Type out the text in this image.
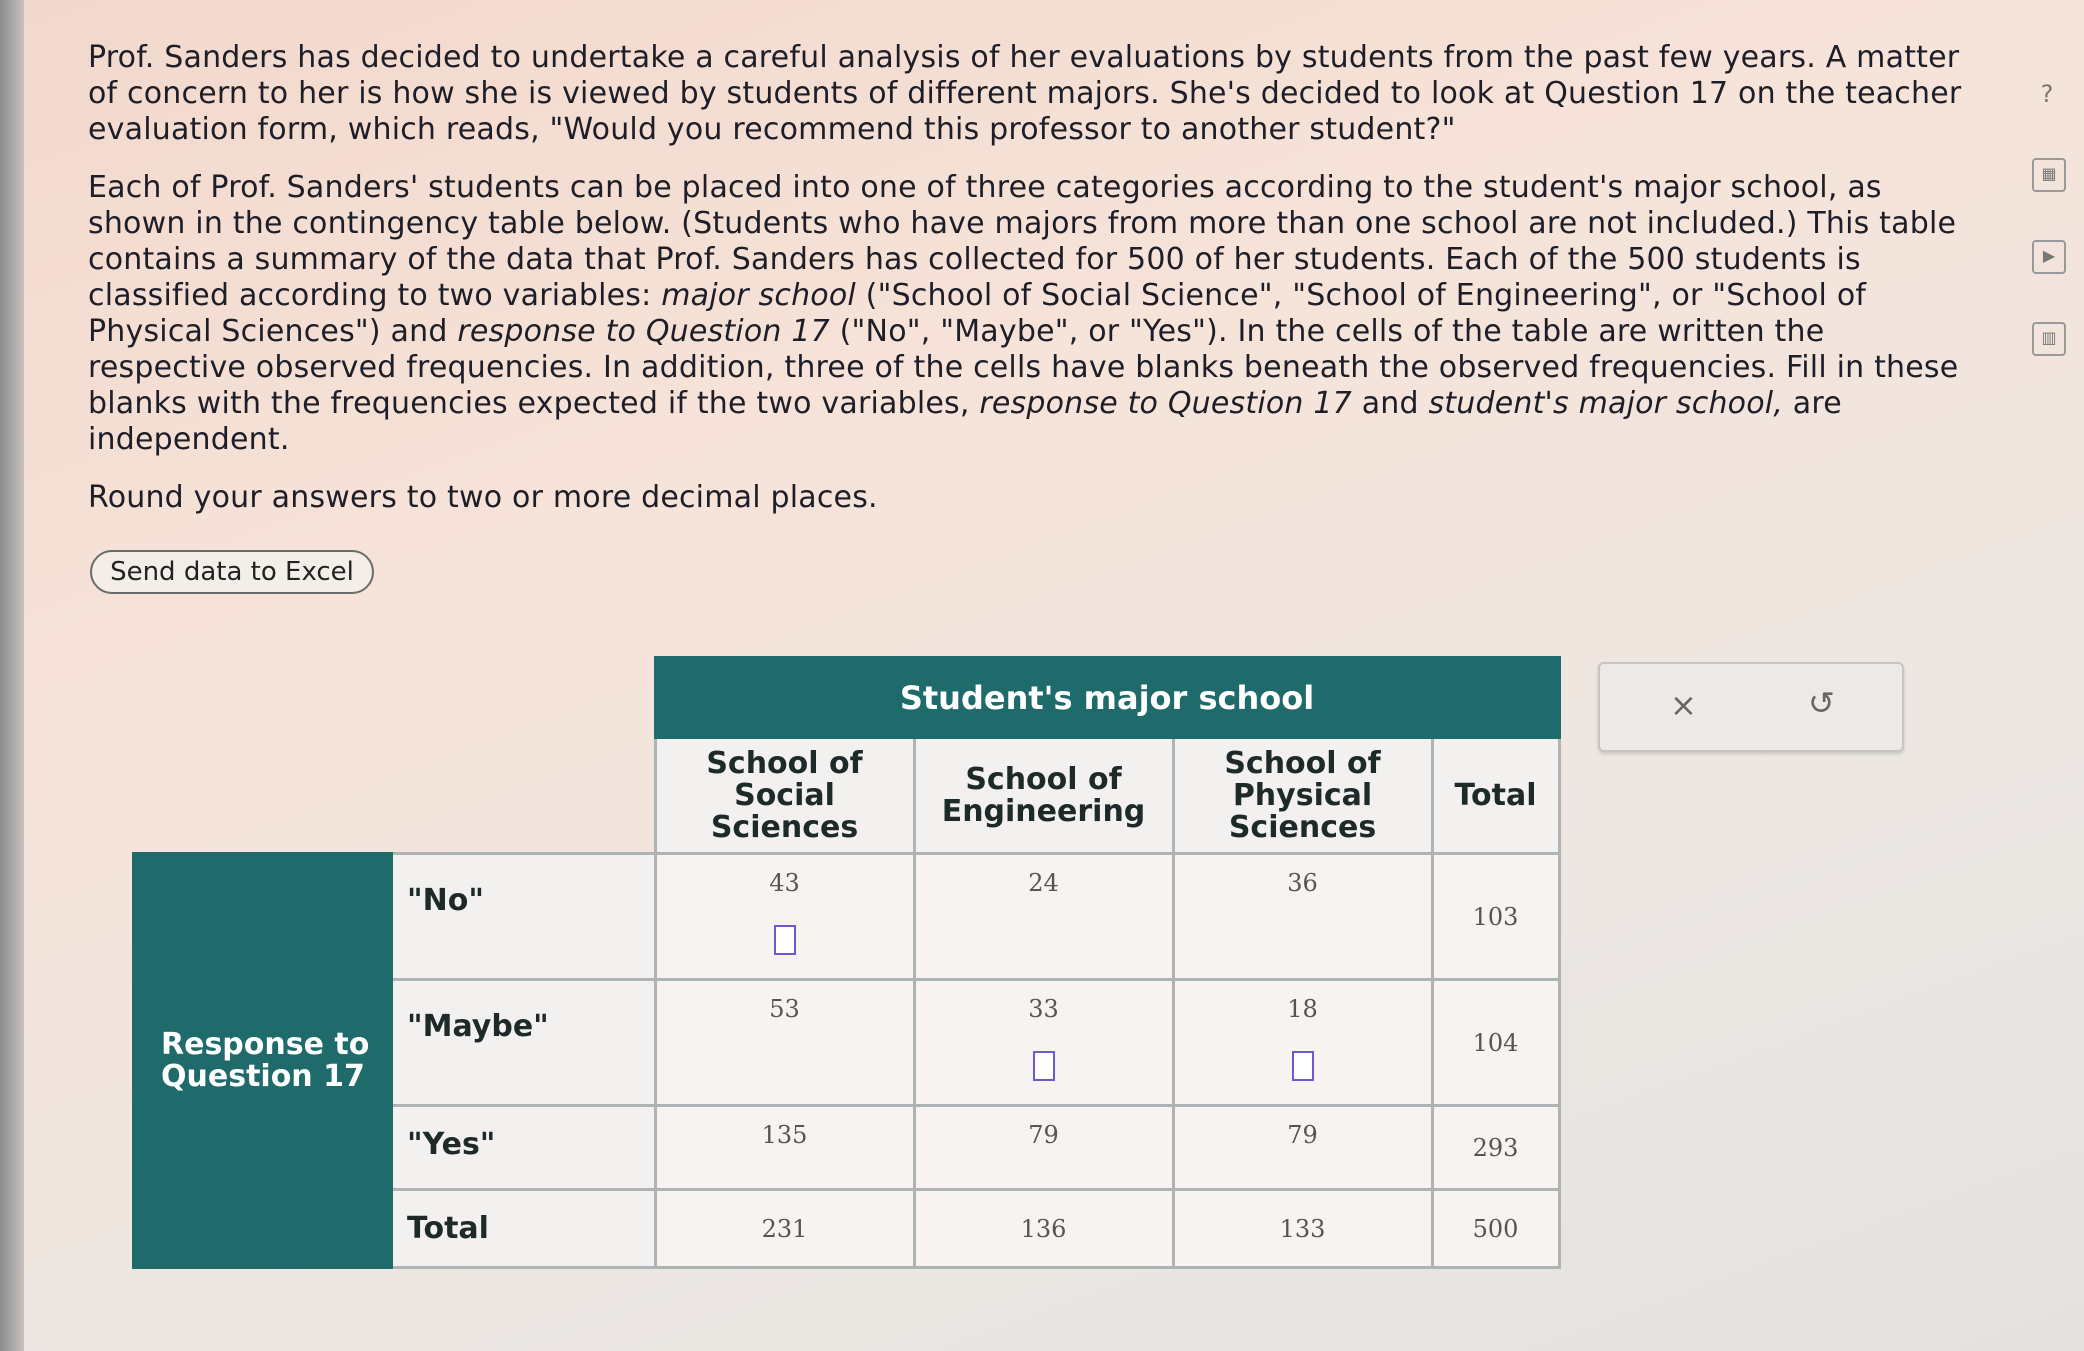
Prof. Sanders has decided to undertake a careful analysis of her evaluations by students from the past few years. A matter of concern to her is how she is viewed by students of different majors. She's decided to look at Question 17 on the teacher evaluation form, which reads, "Would you recommend this professor to another student?"

Each of Prof. Sanders' students can be placed into one of three categories according to the student's major school, as shown in the contingency table below. (Students who have majors from more than one school are not included.) This table contains a summary of the data that Prof. Sanders has collected for 500 of her students. Each of the 500 students is classified according to two variables: major school ("School of Social Science", "School of Engineering", or "School of Physical Sciences") and response to Question 17 ("No", "Maybe", or "Yes"). In the cells of the table are written the respective observed frequencies. In addition, three of the cells have blanks beneath the observed frequencies. Fill in these blanks with the frequencies expected if the two variables, response to Question 17 and student's major school, are independent.

Round your answers to two or more decimal places.

Send data to Excel
		Student's major school			
		School of Social Sciences	School of Engineering	School of Physical Sciences	Total
Response to Question 17	"No"	43	24	36	103
	"Maybe"	53	33	18	104
	"Yes"	135	79	79	293
	Total	231	136	133	500
×	↺
?
▦
▶
▥
